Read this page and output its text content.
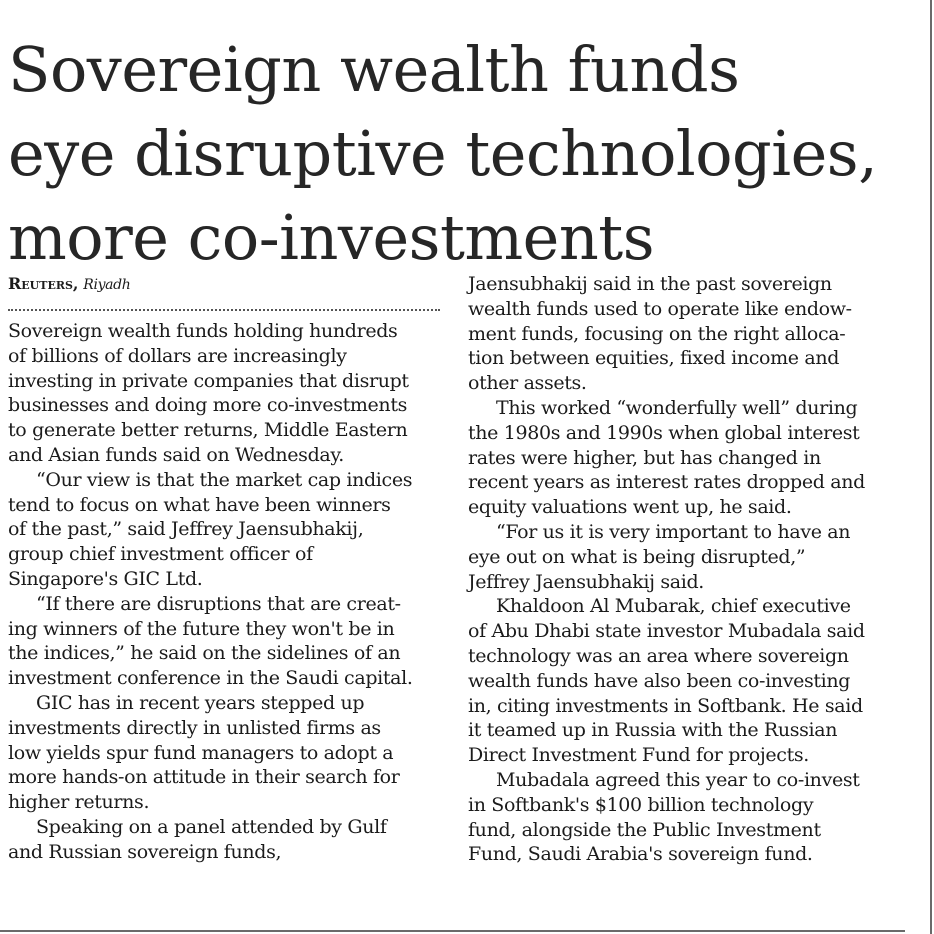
Sovereign wealth funds
eye disruptive technologies,
more co-investments
Reuters, Riyadh
Sovereign wealth funds holding hundreds
of billions of dollars are increasingly
investing in private companies that disrupt
businesses and doing more co-investments
to generate better returns, Middle Eastern
and Asian funds said on Wednesday.
“Our view is that the market cap indices
tend to focus on what have been winners
of the past,” said Jeffrey Jaensubhakij,
group chief investment officer of
Singapore's GIC Ltd.
“If there are disruptions that are creat-
ing winners of the future they won't be in
the indices,” he said on the sidelines of an
investment conference in the Saudi capital.
GIC has in recent years stepped up
investments directly in unlisted firms as
low yields spur fund managers to adopt a
more hands-on attitude in their search for
higher returns.
Speaking on a panel attended by Gulf
and Russian sovereign funds,
Jaensubhakij said in the past sovereign
wealth funds used to operate like endow-
ment funds, focusing on the right alloca-
tion between equities, fixed income and
other assets.
This worked “wonderfully well” during
the 1980s and 1990s when global interest
rates were higher, but has changed in
recent years as interest rates dropped and
equity valuations went up, he said.
“For us it is very important to have an
eye out on what is being disrupted,”
Jeffrey Jaensubhakij said.
Khaldoon Al Mubarak, chief executive
of Abu Dhabi state investor Mubadala said
technology was an area where sovereign
wealth funds have also been co-investing
in, citing investments in Softbank. He said
it teamed up in Russia with the Russian
Direct Investment Fund for projects.
Mubadala agreed this year to co-invest
in Softbank's $100 billion technology
fund, alongside the Public Investment
Fund, Saudi Arabia's sovereign fund.
